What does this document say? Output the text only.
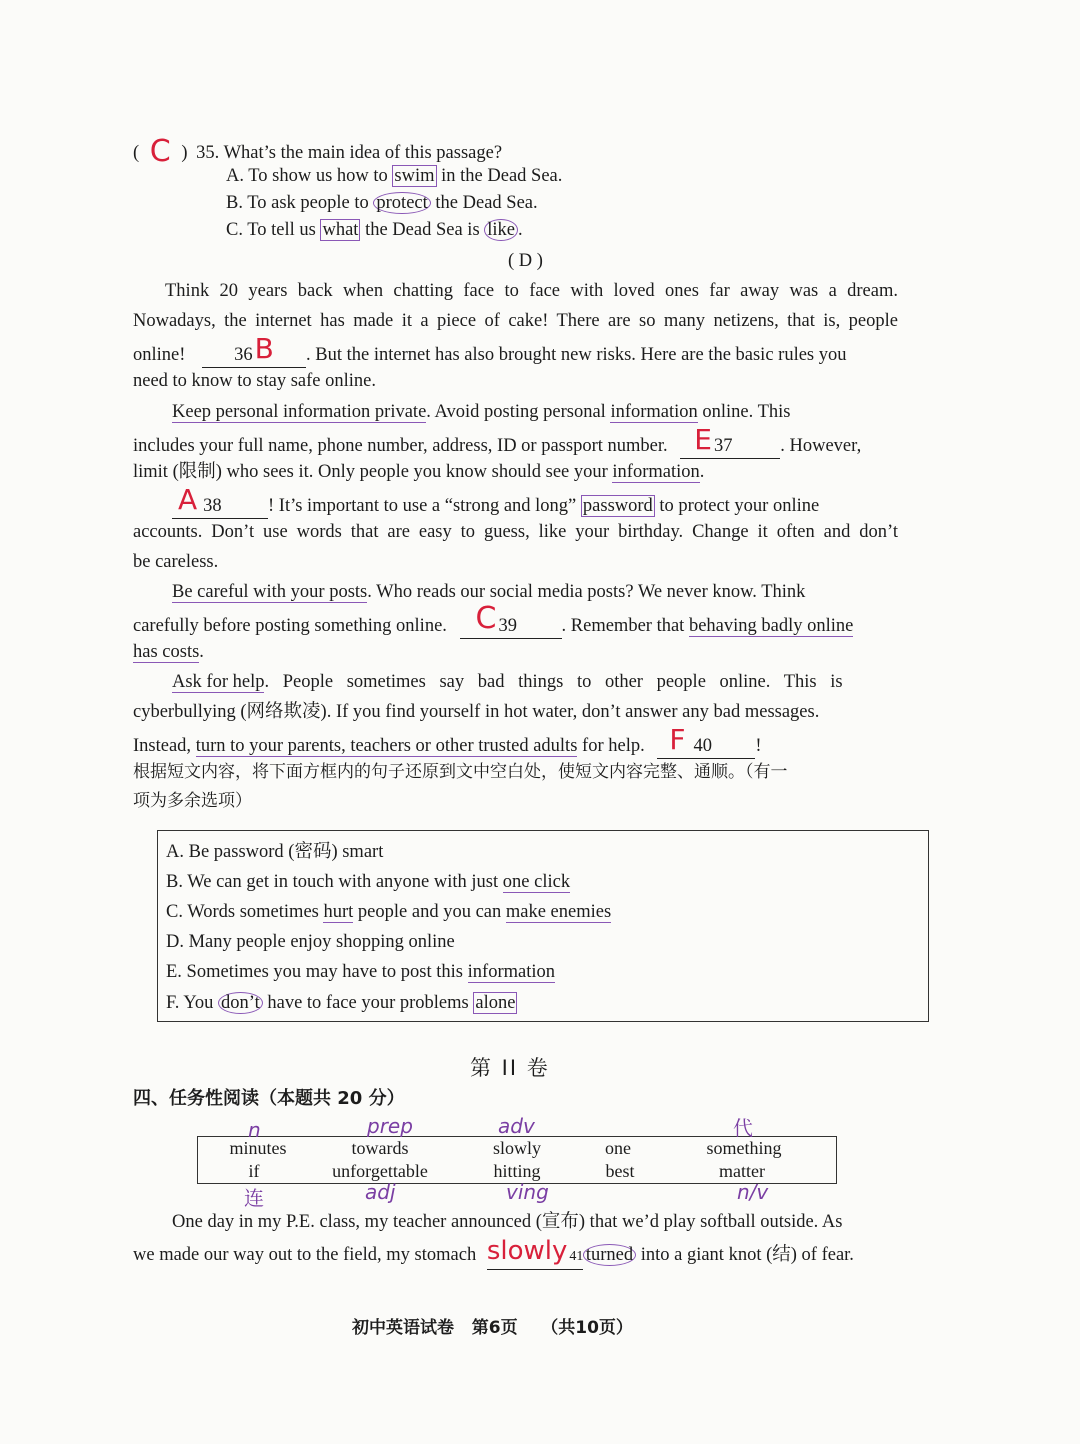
( C ) 35. What’s the main idea of this passage?
A. To show us how to swim in the Dead Sea.
B. To ask people to protect the Dead Sea.
C. To tell us what the Dead Sea is like .
( D )
Think 20 years back when chatting face to face with loved ones far away was a dream.
Nowadays, the internet has made it a piece of cake! There are so many netizens, that is, people
online!	36B . But the internet has also brought new risks. Here are the basic rules you
need to know to stay safe online.
Keep personal information private. Avoid posting personal information online. This
includes your full name, phone number, address, ID or passport number. E 37	. However,
limit (限制) who sees it. Only people you know should see your information.
A 38	! It’s important to use a “strong and long” password to protect your online
accounts. Don’t use words that are easy to guess, like your birthday. Change it often and don’t
be careless.
Be careful with your posts. Who reads our social media posts? We never know. Think
carefully before posting something online. C 39 . Remember that behaving badly online
has costs.
Ask for help. People sometimes say bad things to other people online. This is
cyberbullying (网络欺凌). If you find yourself in hot water, don’t answer any bad messages.
Instead, turn to your parents, teachers or other trusted adults for help. F 40 !
根据短文内容，将下面方框内的句子还原到文中空白处，使短文内容完整、通顺。（有一
项为多余选项）
A. Be password (密码) smart
B. We can get in touch with anyone with just one click
C. Words sometimes hurt people and you can make enemies
D. Many people enjoy shopping online
E. Sometimes you may have to post this information
F. You don’t have to face your problems alone
第 II 卷
四、任务性阅读（本题共 20 分）
minutes	towards	slowly	one	something
if	unforgettable	hitting	best	matter
n	prep	adv	代
连	adj	ving	n/v
One day in my P.E. class, my teacher announced (宣布) that we’d play softball outside. As
we made our way out to the field, my stomach slowly 41 turned into a giant knot (结) of fear.
初中英语试卷   第6页    （共10页）
